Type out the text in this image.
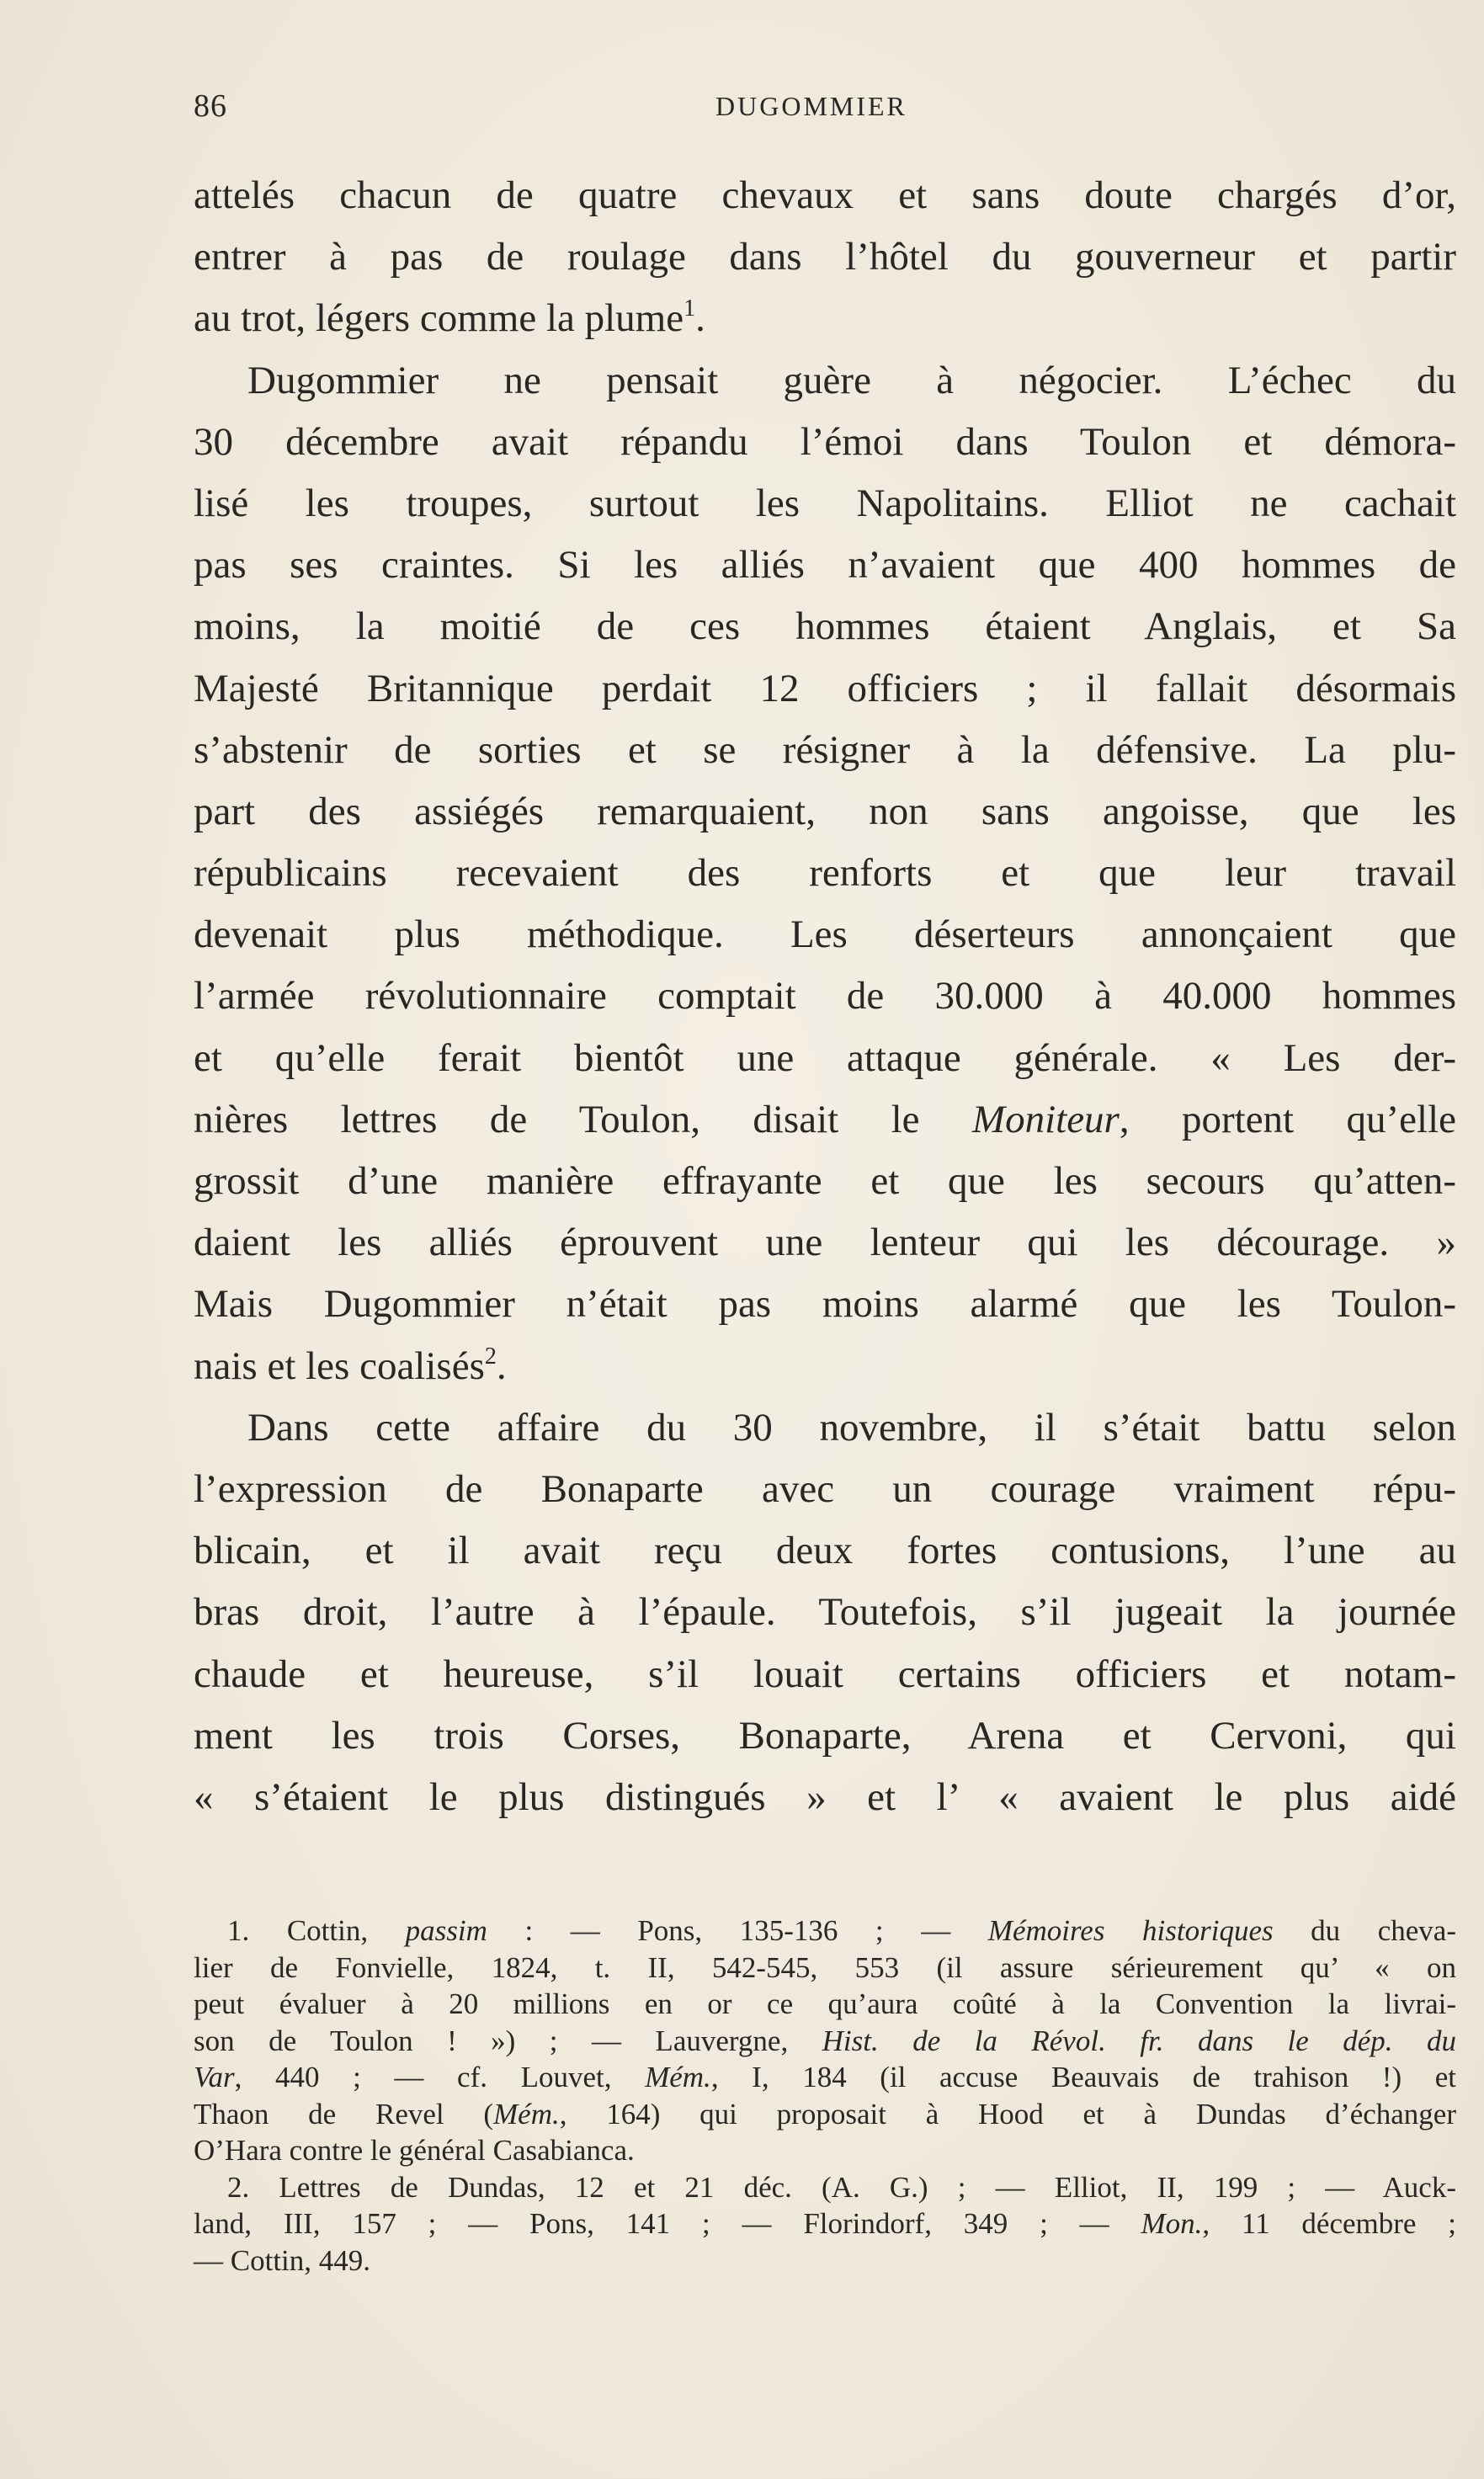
86	DUGOMMIER
attelés chacun de quatre chevaux et sans doute chargés d’or,
entrer à pas de roulage dans l’hôtel du gouverneur et partir
au trot, légers comme la plume$^1$.
Dugommier ne pensait guère à négocier. L’échec du
30 décembre avait répandu l’émoi dans Toulon et démora-
lisé les troupes, surtout les Napolitains. Elliot ne cachait
pas ses craintes. Si les alliés n’avaient que 400 hommes de
moins, la moitié de ces hommes étaient Anglais, et Sa
Majesté Britannique perdait 12 officiers ; il fallait désormais
s’abstenir de sorties et se résigner à la défensive. La plu-
part des assiégés remarquaient, non sans angoisse, que les
républicains recevaient des renforts et que leur travail
devenait plus méthodique. Les déserteurs annonçaient que
l’armée révolutionnaire comptait de 30.000 à 40.000 hommes
et qu’elle ferait bientôt une attaque générale. « Les der-
nières lettres de Toulon, disait le Moniteur, portent qu’elle
grossit d’une manière effrayante et que les secours qu’atten-
daient les alliés éprouvent une lenteur qui les décourage. »
Mais Dugommier n’était pas moins alarmé que les Toulon-
nais et les coalisés$^2$.
Dans cette affaire du 30 novembre, il s’était battu selon
l’expression de Bonaparte avec un courage vraiment répu-
blicain, et il avait reçu deux fortes contusions, l’une au
bras droit, l’autre à l’épaule. Toutefois, s’il jugeait la journée
chaude et heureuse, s’il louait certains officiers et notam-
ment les trois Corses, Bonaparte, Arena et Cervoni, qui
« s’étaient le plus distingués » et l’ « avaient le plus aidé
1. Cottin, passim : — Pons, 135-136 ; — Mémoires historiques du cheva-
lier de Fonvielle, 1824, t. II, 542-545, 553 (il assure sérieurement qu’ « on
peut évaluer à 20 millions en or ce qu’aura coûté à la Convention la livrai-
son de Toulon ! ») ; — Lauvergne, Hist. de la Révol. fr. dans le dép. du
Var, 440 ; — cf. Louvet, Mém., I, 184 (il accuse Beauvais de trahison !) et
Thaon de Revel (Mém., 164) qui proposait à Hood et à Dundas d’échanger
O’Hara contre le général Casabianca.
2. Lettres de Dundas, 12 et 21 déc. (A. G.) ; — Elliot, II, 199 ; — Auck-
land, III, 157 ; — Pons, 141 ; — Florindorf, 349 ; — Mon., 11 décembre ;
— Cottin, 449.
